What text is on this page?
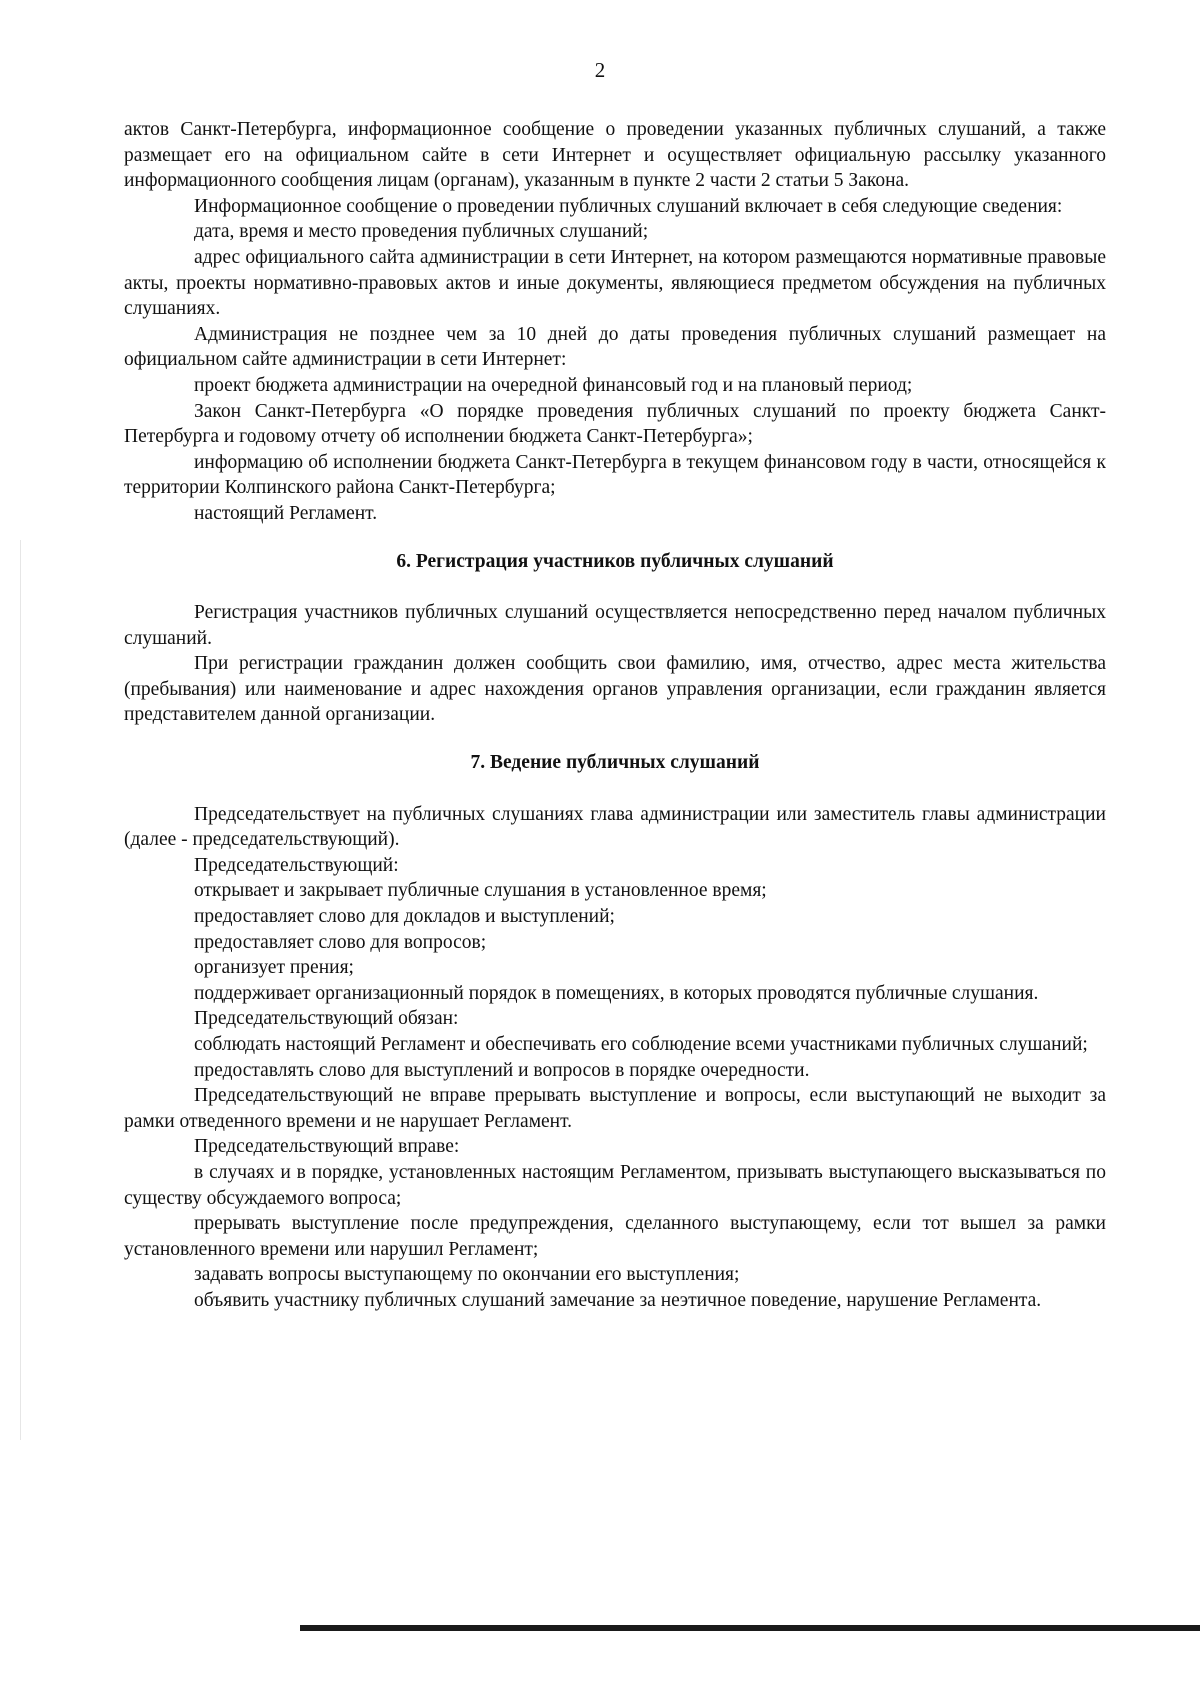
2

актов Санкт-Петербурга, информационное сообщение о проведении указанных публичных слушаний, а также размещает его на официальном сайте в сети Интернет и осуществляет официальную рассылку указанного информационного сообщения лицам (органам), указанным в пункте 2 части 2 статьи 5 Закона.

Информационное сообщение о проведении публичных слушаний включает в себя следующие сведения:

дата, время и место проведения публичных слушаний;

адрес официального сайта администрации в сети Интернет, на котором размещаются нормативные правовые акты, проекты нормативно-правовых актов и иные документы, являющиеся предметом обсуждения на публичных слушаниях.

Администрация не позднее чем за 10 дней до даты проведения публичных слушаний размещает на официальном сайте администрации в сети Интернет:

проект бюджета администрации на очередной финансовый год и на плановый период;

Закон Санкт-Петербурга «О порядке проведения публичных слушаний по проекту бюджета Санкт-Петербурга и годовому отчету об исполнении бюджета Санкт-Петербурга»;

информацию об исполнении бюджета Санкт-Петербурга в текущем финансовом году в части, относящейся к территории Колпинского района Санкт-Петербурга;

настоящий Регламент.

6. Регистрация участников публичных слушаний

Регистрация участников публичных слушаний осуществляется непосредственно перед началом публичных слушаний.

При регистрации гражданин должен сообщить свои фамилию, имя, отчество, адрес места жительства (пребывания) или наименование и адрес нахождения органов управления организации, если гражданин является представителем данной организации.

7. Ведение публичных слушаний

Председательствует на публичных слушаниях глава администрации или заместитель главы администрации (далее - председательствующий).

Председательствующий:

открывает и закрывает публичные слушания в установленное время;

предоставляет слово для докладов и выступлений;

предоставляет слово для вопросов;

организует прения;

поддерживает организационный порядок в помещениях, в которых проводятся публичные слушания.

Председательствующий обязан:

соблюдать настоящий Регламент и обеспечивать его соблюдение всеми участниками публичных слушаний;

предоставлять слово для выступлений и вопросов в порядке очередности.

Председательствующий не вправе прерывать выступление и вопросы, если выступающий не выходит за рамки отведенного времени и не нарушает Регламент.

Председательствующий вправе:

в случаях и в порядке, установленных настоящим Регламентом, призывать выступающего высказываться по существу обсуждаемого вопроса;

прерывать выступление после предупреждения, сделанного выступающему, если тот вышел за рамки установленного времени или нарушил Регламент;

задавать вопросы выступающему по окончании его выступления;

объявить участнику публичных слушаний замечание за неэтичное поведение, нарушение Регламента.
